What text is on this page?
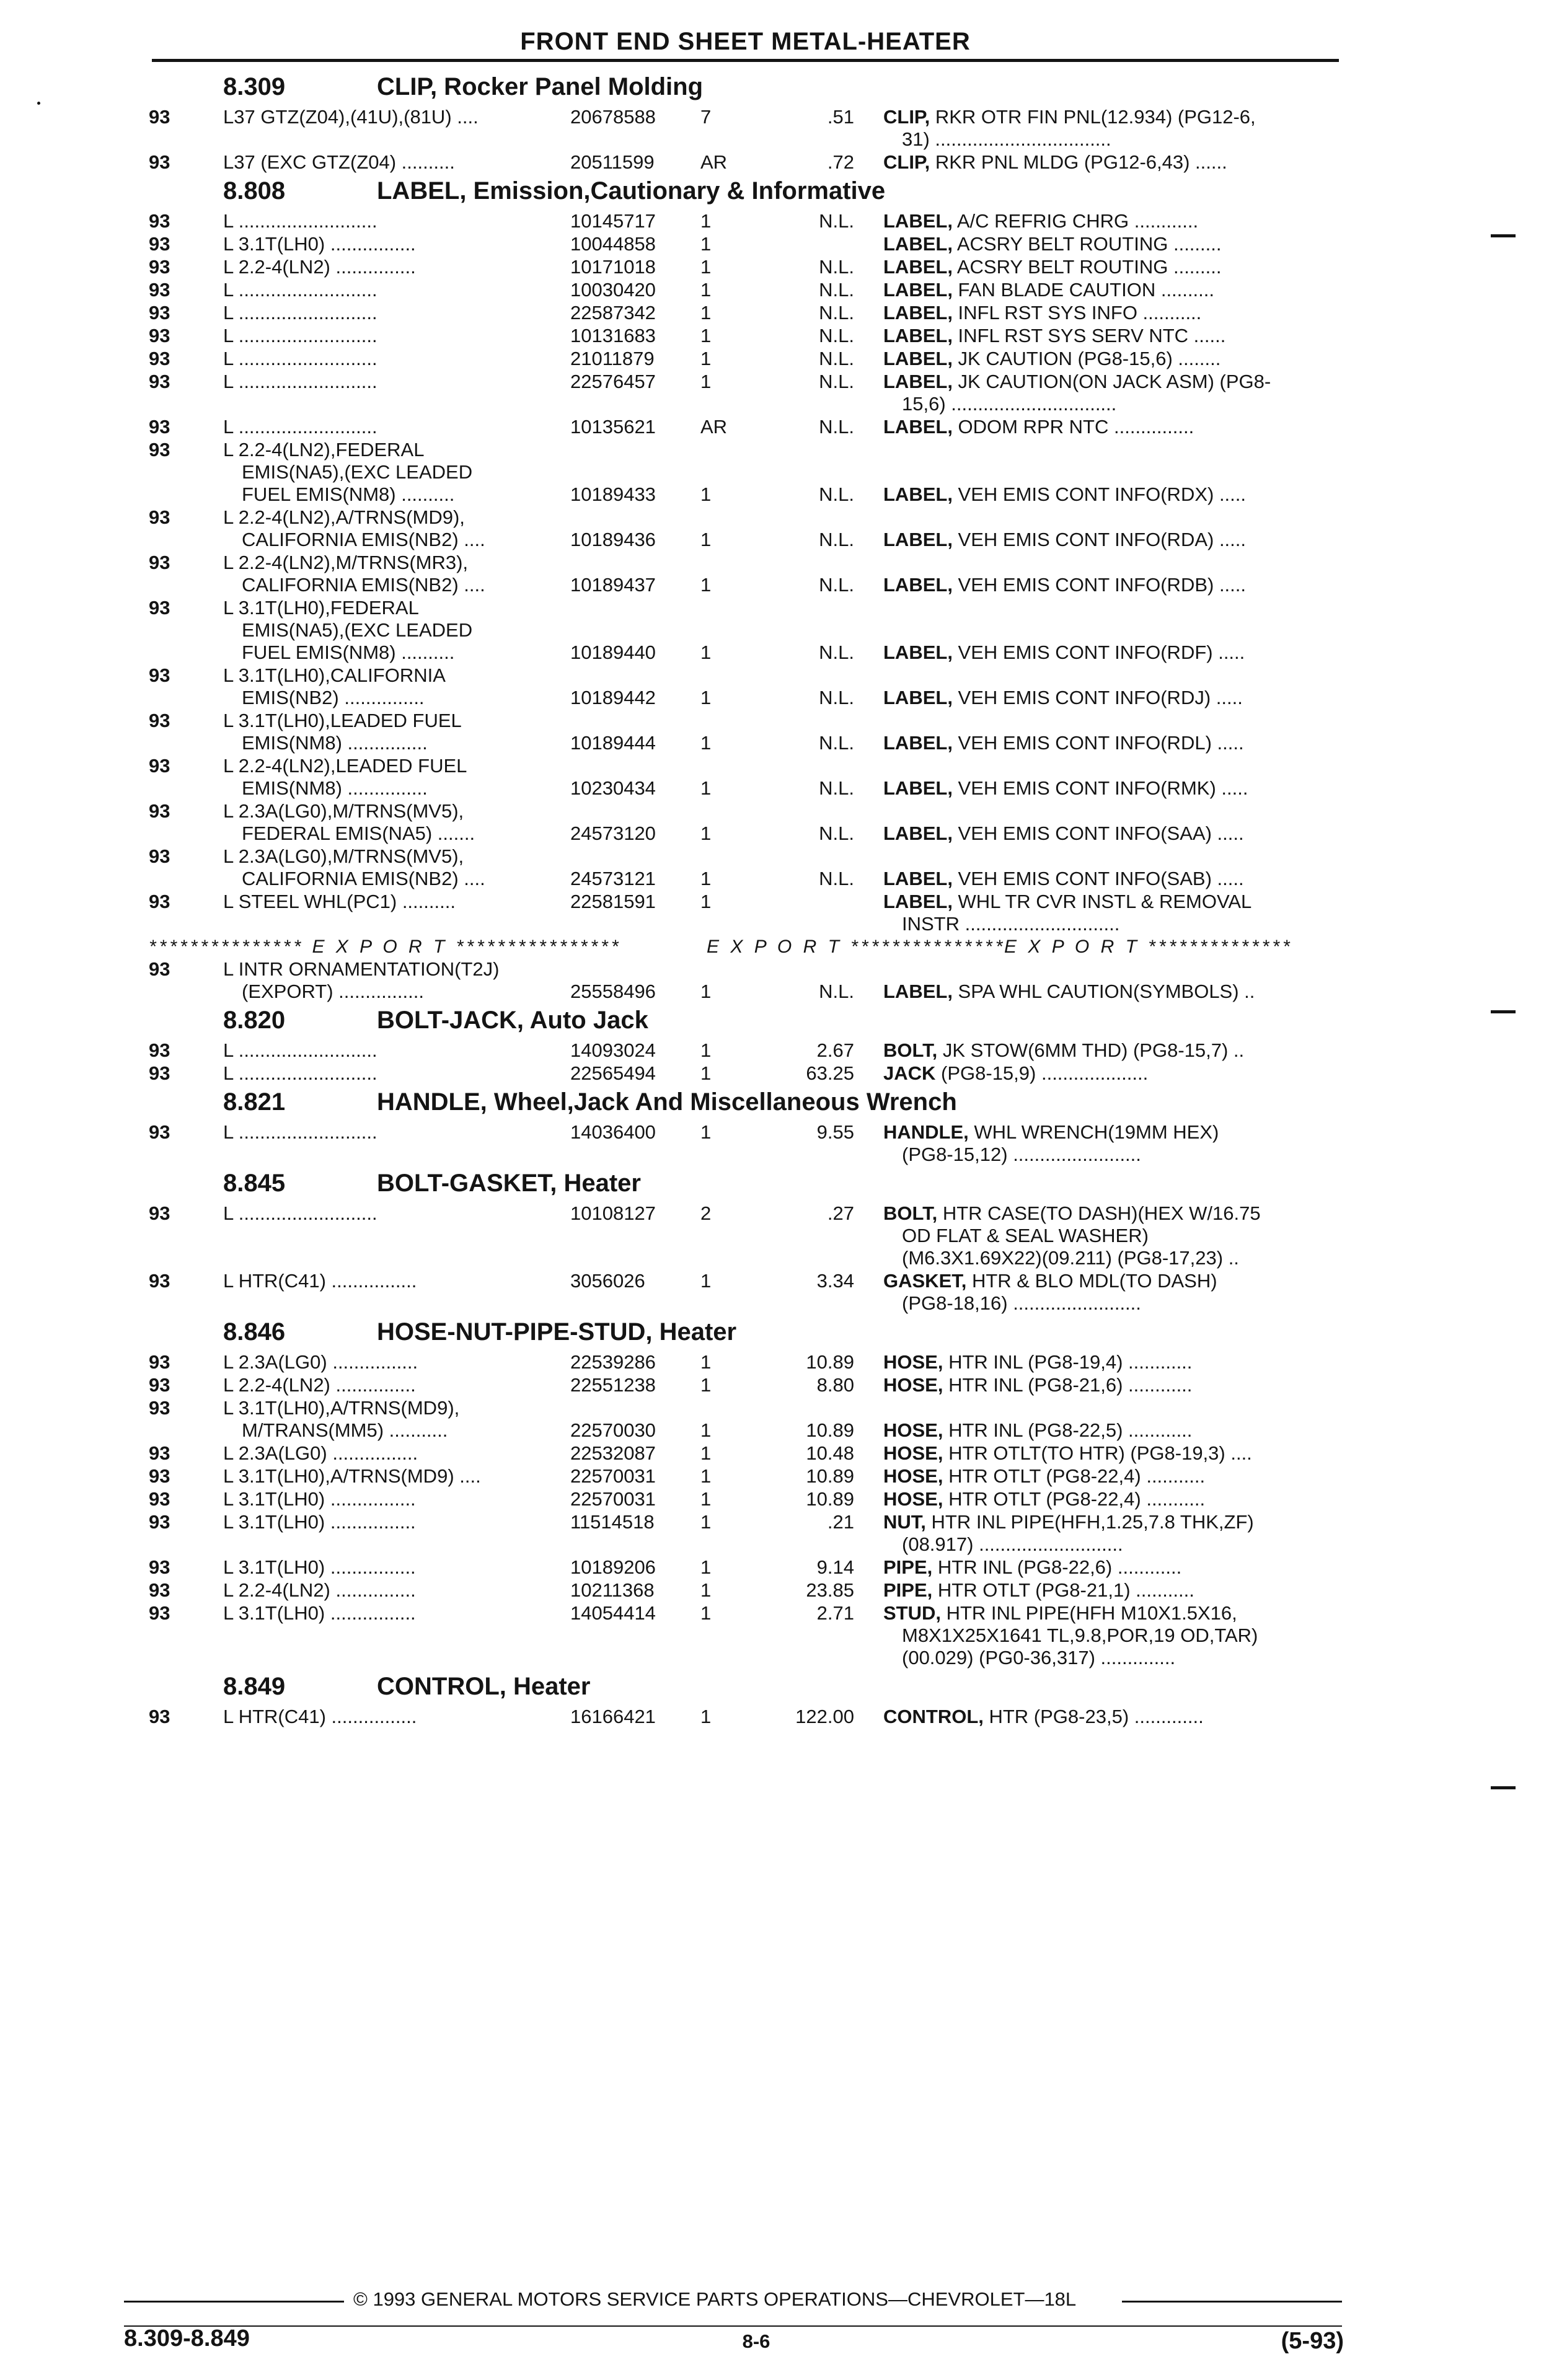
FRONT END SHEET METAL-HEATER
8.309	CLIP, Rocker Panel Molding
93	L37 GTZ(Z04),(41U),(81U) ....	20678588 7	.51 CLIP, RKR OTR FIN PNL(12.934) (PG12-6,
31) .................................
93	L37 (EXC GTZ(Z04) ..........	20511599 AR	.72 CLIP, RKR PNL MLDG (PG12-6,43) ......
8.808	LABEL, Emission,Cautionary & Informative
93	L ..........................	10145717 1	N.L. LABEL, A/C REFRIG CHRG ............
93	L 3.1T(LH0) ................	10044858 1	LABEL, ACSRY BELT ROUTING .........
93	L 2.2-4(LN2) ...............	10171018 1	N.L. LABEL, ACSRY BELT ROUTING .........
93	L ..........................	10030420 1	N.L. LABEL, FAN BLADE CAUTION ..........
93	L ..........................	22587342 1	N.L. LABEL, INFL RST SYS INFO ...........
93	L ..........................	10131683 1	N.L. LABEL, INFL RST SYS SERV NTC ......
93	L ..........................	21011879 1	N.L. LABEL, JK CAUTION (PG8-15,6) ........
93	L ..........................	22576457 1	N.L. LABEL, JK CAUTION(ON JACK ASM) (PG8-
15,6) ...............................
93	L ..........................	10135621 AR	N.L. LABEL, ODOM RPR NTC ...............
93	L 2.2-4(LN2),FEDERAL
EMIS(NA5),(EXC LEADED
FUEL EMIS(NM8) ..........	10189433 1	N.L. LABEL, VEH EMIS CONT INFO(RDX) .....
93	L 2.2-4(LN2),A/TRNS(MD9),
CALIFORNIA EMIS(NB2) ....	10189436 1	N.L. LABEL, VEH EMIS CONT INFO(RDA) .....
93	L 2.2-4(LN2),M/TRNS(MR3),
CALIFORNIA EMIS(NB2) ....	10189437 1	N.L. LABEL, VEH EMIS CONT INFO(RDB) .....
93	L 3.1T(LH0),FEDERAL
EMIS(NA5),(EXC LEADED
FUEL EMIS(NM8) ..........	10189440 1	N.L. LABEL, VEH EMIS CONT INFO(RDF) .....
93	L 3.1T(LH0),CALIFORNIA
EMIS(NB2) ...............	10189442 1	N.L. LABEL, VEH EMIS CONT INFO(RDJ) .....
93	L 3.1T(LH0),LEADED FUEL
EMIS(NM8) ...............	10189444 1	N.L. LABEL, VEH EMIS CONT INFO(RDL) .....
93	L 2.2-4(LN2),LEADED FUEL
EMIS(NM8) ...............	10230434 1	N.L. LABEL, VEH EMIS CONT INFO(RMK) .....
93	L 2.3A(LG0),M/TRNS(MV5),
FEDERAL EMIS(NA5) .......	24573120 1	N.L. LABEL, VEH EMIS CONT INFO(SAA) .....
93	L 2.3A(LG0),M/TRNS(MV5),
CALIFORNIA EMIS(NB2) ....	24573121 1	N.L. LABEL, VEH EMIS CONT INFO(SAB) .....
93	L STEEL WHL(PC1) ..........	22581591 1	LABEL, WHL TR CVR INSTL & REMOVAL
INSTR .............................
*************** E X P O R T ****************	E X P O R T ***************
E X P O R T **************
93	L INTR ORNAMENTATION(T2J)
(EXPORT) ................	25558496 1	N.L. LABEL, SPA WHL CAUTION(SYMBOLS) ..
8.820	BOLT-JACK, Auto Jack
93	L ..........................	14093024 1	2.67 BOLT, JK STOW(6MM THD) (PG8-15,7) ..
93	L ..........................	22565494 1	63.25 JACK (PG8-15,9) ....................
8.821	HANDLE, Wheel,Jack And Miscellaneous Wrench
93	L ..........................	14036400 1	9.55 HANDLE, WHL WRENCH(19MM HEX)
(PG8-15,12) ........................
8.845	BOLT-GASKET, Heater
93	L ..........................	10108127 2	.27 BOLT, HTR CASE(TO DASH)(HEX W/16.75
OD FLAT & SEAL WASHER)
(M6.3X1.69X22)(09.211) (PG8-17,23) ..
93	L HTR(C41) ................	3056026	1	3.34 GASKET, HTR & BLO MDL(TO DASH)
(PG8-18,16) ........................
8.846	HOSE-NUT-PIPE-STUD, Heater
93	L 2.3A(LG0) ................	22539286 1	10.89 HOSE, HTR INL (PG8-19,4) ............
93	L 2.2-4(LN2) ...............	22551238 1	8.80 HOSE, HTR INL (PG8-21,6) ............
93	L 3.1T(LH0),A/TRNS(MD9),
M/TRANS(MM5) ...........	22570030 1	10.89 HOSE, HTR INL (PG8-22,5) ............
93	L 2.3A(LG0) ................	22532087 1	10.48 HOSE, HTR OTLT(TO HTR) (PG8-19,3) ....
93	L 3.1T(LH0),A/TRNS(MD9) ....	22570031 1	10.89 HOSE, HTR OTLT (PG8-22,4) ...........
93	L 3.1T(LH0) ................	22570031 1	10.89 HOSE, HTR OTLT (PG8-22,4) ...........
93	L 3.1T(LH0) ................	11514518 1	.21 NUT, HTR INL PIPE(HFH,1.25,7.8 THK,ZF)
(08.917) ...........................
93	L 3.1T(LH0) ................	10189206 1	9.14 PIPE, HTR INL (PG8-22,6) ............
93	L 2.2-4(LN2) ...............	10211368 1	23.85 PIPE, HTR OTLT (PG8-21,1) ...........
93	L 3.1T(LH0) ................	14054414 1	2.71 STUD, HTR INL PIPE(HFH M10X1.5X16,
M8X1X25X1641 TL,9.8,POR,19 OD,TAR)
(00.029) (PG0-36,317) ..............
8.849	CONTROL, Heater
93	L HTR(C41) ................	16166421 1	122.00 CONTROL, HTR (PG8-23,5) .............
© 1993 GENERAL MOTORS SERVICE PARTS OPERATIONS—CHEVROLET—18L
8.309-8.849	8-6	(5-93)
